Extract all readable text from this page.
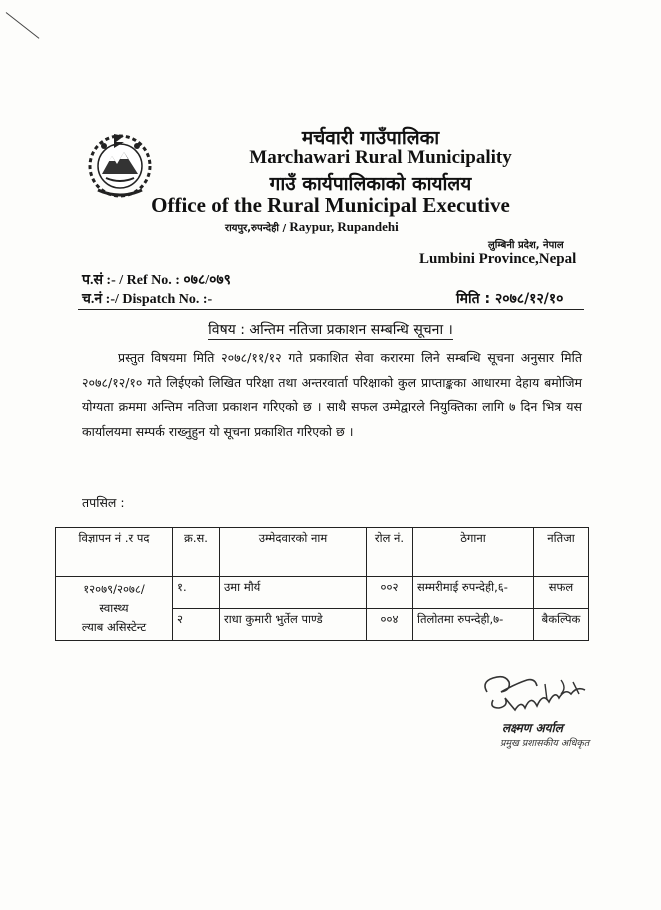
मर्चवारी गाउँपालिका
Marchawari Rural Municipality
गाउँ कार्यपालिकाको कार्यालय
Office of the Rural Municipal Executive
रायपुर,रुपन्देही / Raypur, Rupandehi
लुम्बिनी प्रदेश, नेपाल
Lumbini Province,Nepal
प.सं :- / Ref No. : ०७८/०७९
च.नं :-/ Dispatch No. :-	मिति : २०७८/१२/१०
विषय : अन्तिम नतिजा प्रकाशन सम्बन्धि सूचना ।
प्रस्तुत विषयमा मिति २०७८/११/१२ गते प्रकाशित सेवा करारमा लिने सम्बन्धि सूचना अनुसार मिति २०७८/१२/१० गते लिईएको लिखित परिक्षा तथा अन्तरवार्ता परिक्षाको कुल प्राप्ताङ्कका आधारमा देहाय बमोजिम योग्यता क्रममा अन्तिम नतिजा प्रकाशन गरिएको छ । साथै सफल उम्मेद्वारले नियुक्तिका लागि ७ दिन भित्र यस कार्यालयमा सम्पर्क राख्नुहुन यो सूचना प्रकाशित गरिएको छ ।
तपसिल :
विज्ञापन नं .र पद	क्र.स.	उम्मेदवारको नाम	रोल नं.	ठेगाना	नतिजा

१२०७९/२०७८/
स्वास्थ्य
ल्याब असिस्टेन्ट	१.	उमा मौर्य	००२	सम्मरीमाई रुपन्देही,६-	सफल
	२	राधा कुमारी भुर्तेल पाण्डे	००४	तिलोतमा रुपन्देही,७-	बैकल्पिक
लक्ष्मण अर्याल
प्रमुख प्रशासकीय अधिकृत
